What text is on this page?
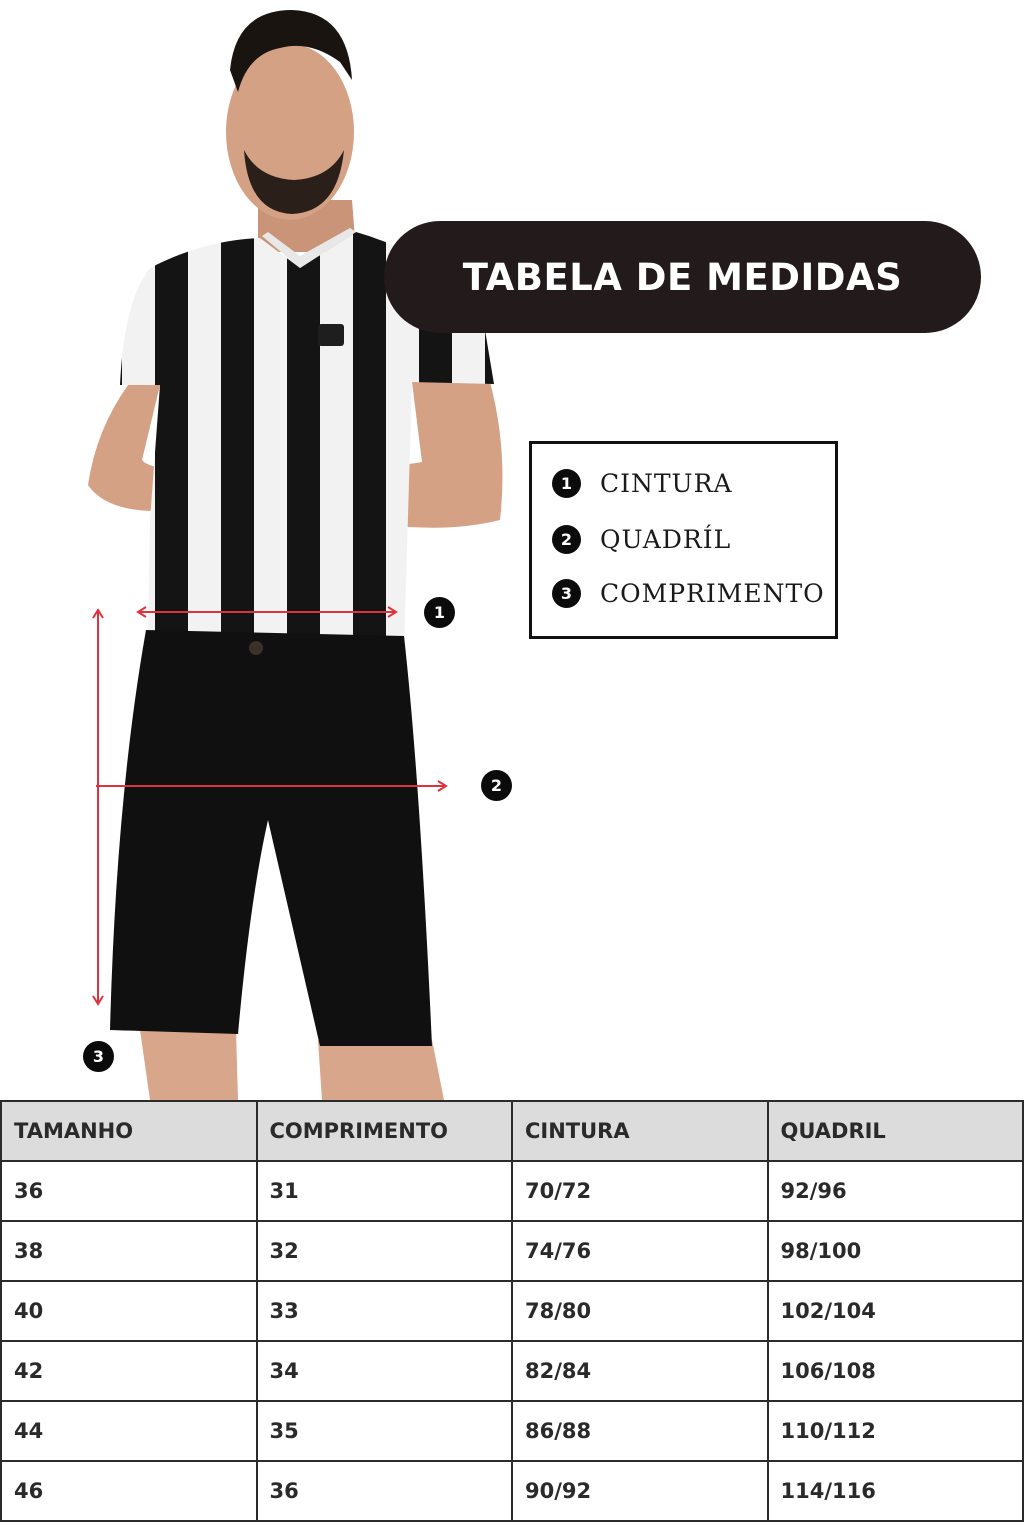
1
2
3
TABELA DE MEDIDAS
1	CINTURA
2	QUADRÍL
3	COMPRIMENTO
TAMANHO	COMPRIMENTO	CINTURA	QUADRIL
36	31	70/72	92/96
38	32	74/76	98/100
40	33	78/80	102/104
42	34	82/84	106/108
44	35	86/88	110/112
46	36	90/92	114/116
